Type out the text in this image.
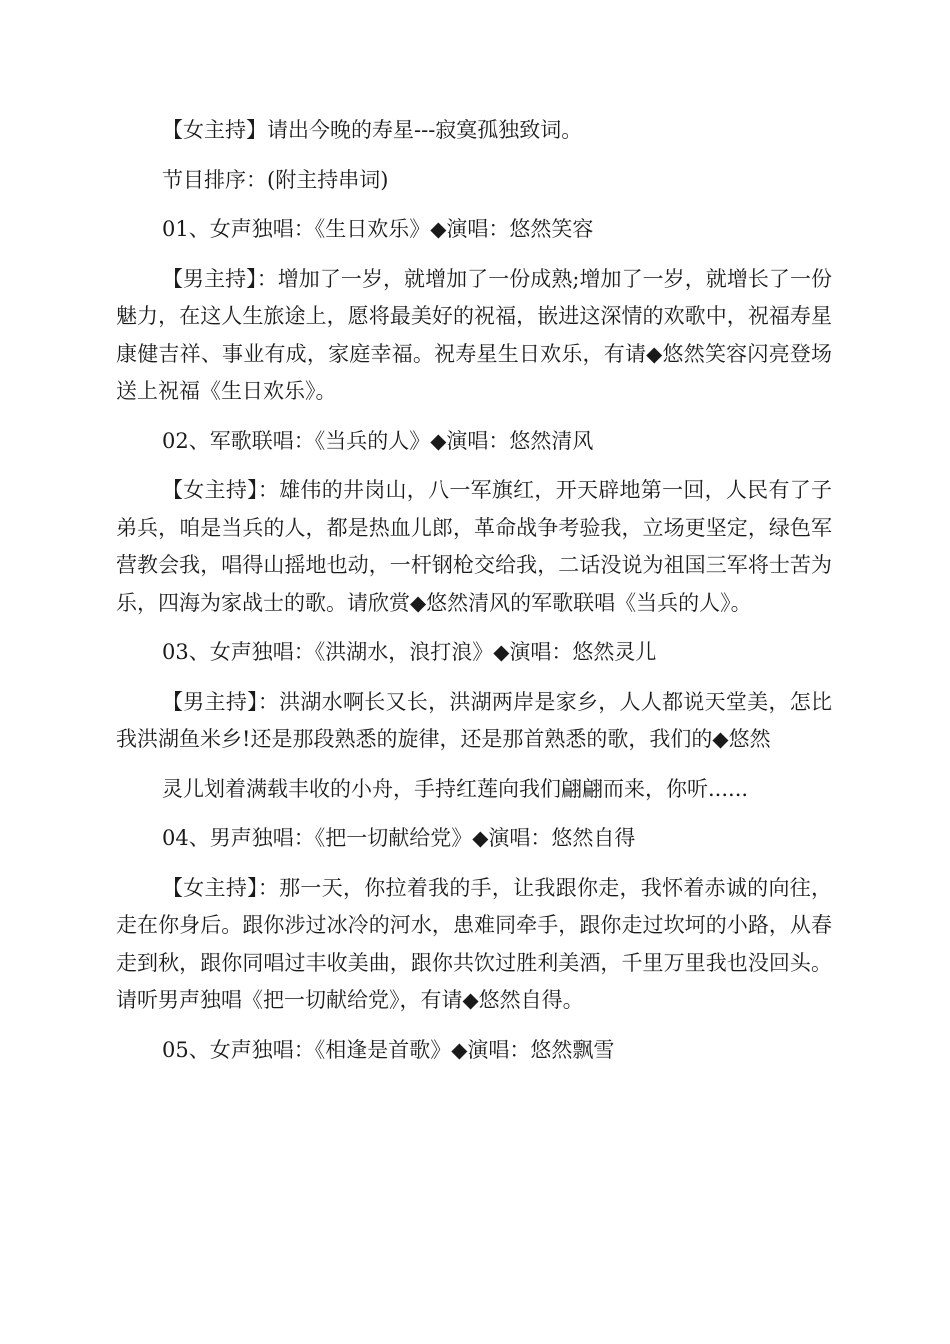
【女主持】请出今晚的寿星---寂寞孤独致词。

节目排序：(附主持串词)

01、女声独唱：《生日欢乐》◆演唱：悠然笑容

【男主持】：增加了一岁，就增加了一份成熟;增加了一岁，就增长了一份魅力，在这人生旅途上，愿将最美好的祝福，嵌进这深情的欢歌中，祝福寿星康健吉祥、事业有成，家庭幸福。祝寿星生日欢乐，有请◆悠然笑容闪亮登场送上祝福《生日欢乐》。

02、军歌联唱：《当兵的人》◆演唱：悠然清风

【女主持】：雄伟的井岗山，八一军旗红，开天辟地第一回，人民有了子弟兵，咱是当兵的人，都是热血儿郎，革命战争考验我，立场更坚定，绿色军营教会我，唱得山摇地也动，一杆钢枪交给我，二话没说为祖国三军将士苦为乐，四海为家战士的歌。请欣赏◆悠然清风的军歌联唱《当兵的人》。

03、女声独唱：《洪湖水，浪打浪》◆演唱：悠然灵儿

【男主持】：洪湖水啊长又长，洪湖两岸是家乡，人人都说天堂美，怎比我洪湖鱼米乡!还是那段熟悉的旋律，还是那首熟悉的歌，我们的◆悠然

灵儿划着满载丰收的小舟，手持红莲向我们翩翩而来，你听......

04、男声独唱：《把一切献给党》◆演唱：悠然自得

【女主持】：那一天，你拉着我的手，让我跟你走，我怀着赤诚的向往，走在你身后。跟你涉过冰冷的河水，患难同牵手，跟你走过坎坷的小路，从春走到秋，跟你同唱过丰收美曲，跟你共饮过胜利美酒，千里万里我也没回头。请听男声独唱《把一切献给党》，有请◆悠然自得。

05、女声独唱：《相逢是首歌》◆演唱：悠然飘雪
